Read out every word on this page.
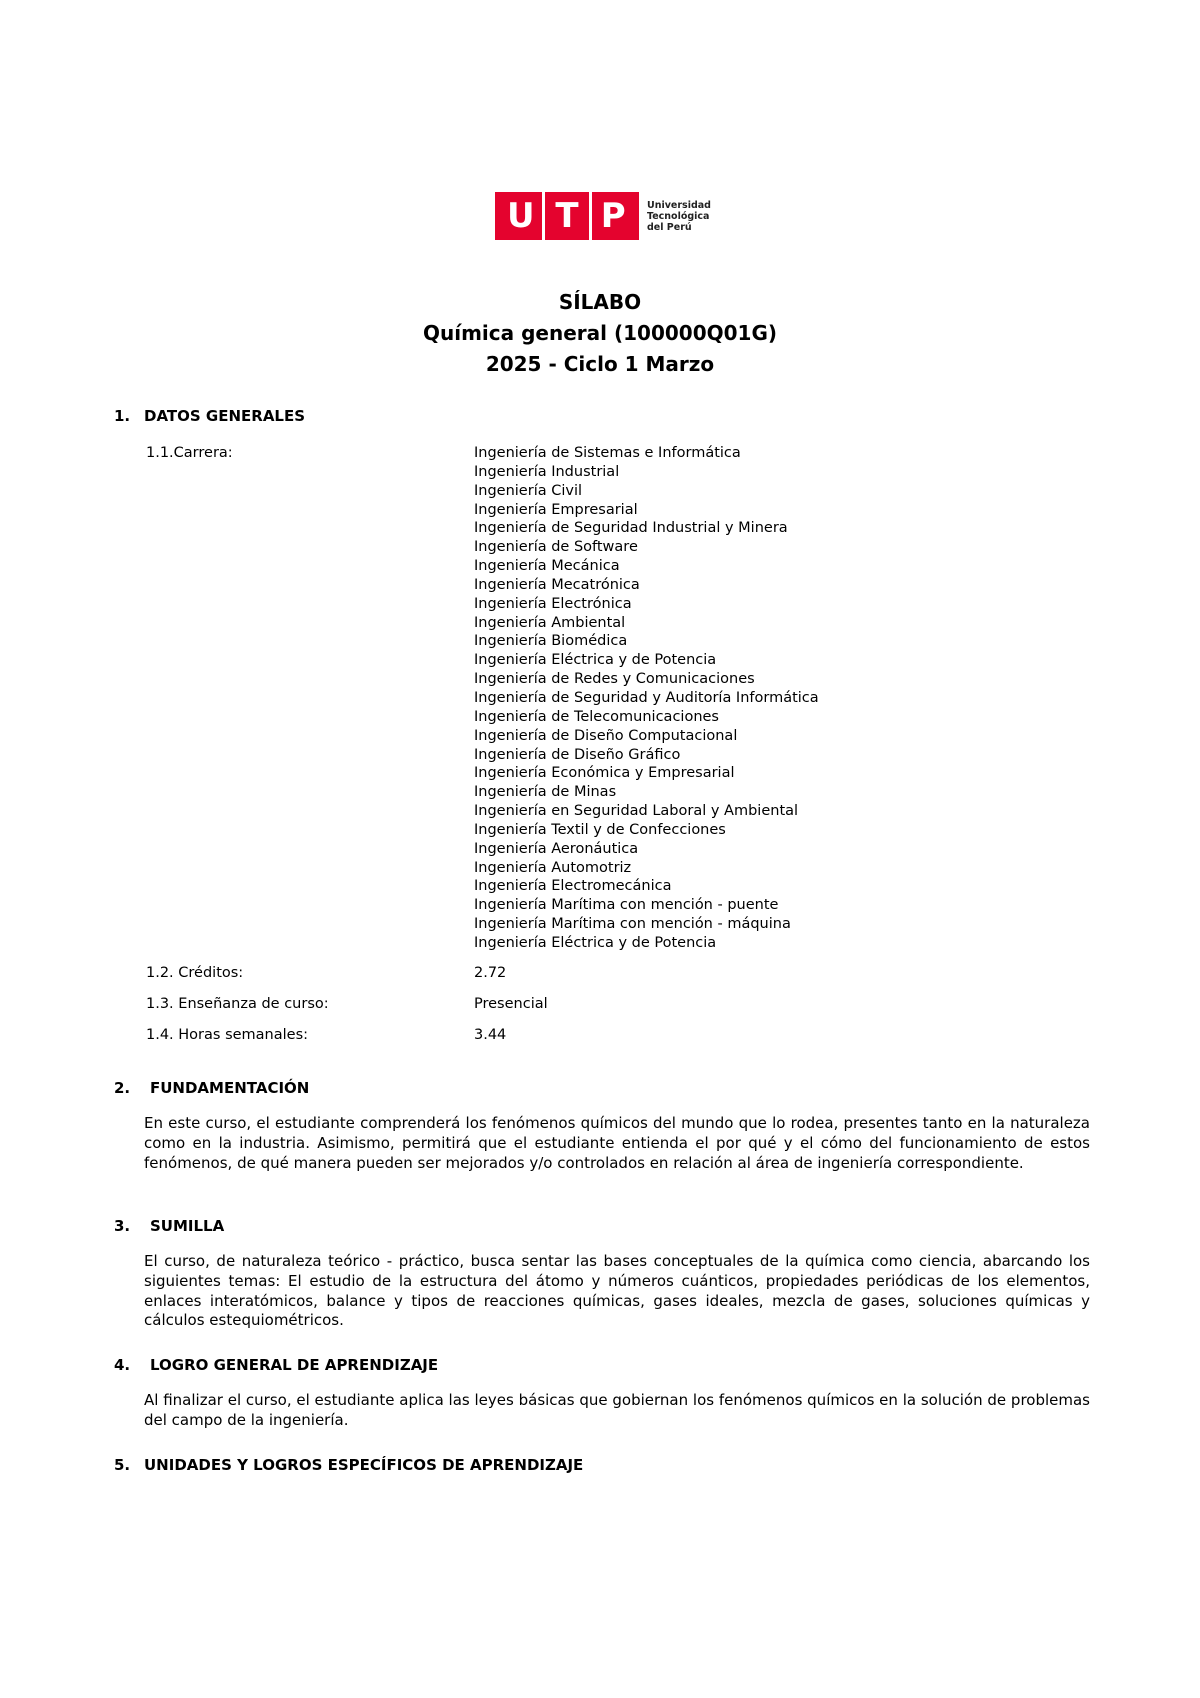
U T P	Universidad
Tecnológica
del Perú
SÍLABO
Química general (100000Q01G)
2025 - Ciclo 1 Marzo
1. DATOS GENERALES
1.1.Carrera:	Ingeniería de Sistemas e Informática
Ingeniería Industrial
Ingeniería Civil
Ingeniería Empresarial
Ingeniería de Seguridad Industrial y Minera
Ingeniería de Software
Ingeniería Mecánica
Ingeniería Mecatrónica
Ingeniería Electrónica
Ingeniería Ambiental
Ingeniería Biomédica
Ingeniería Eléctrica y de Potencia
Ingeniería de Redes y Comunicaciones
Ingeniería de Seguridad y Auditoría Informática
Ingeniería de Telecomunicaciones
Ingeniería de Diseño Computacional
Ingeniería de Diseño Gráfico
Ingeniería Económica y Empresarial
Ingeniería de Minas
Ingeniería en Seguridad Laboral y Ambiental
Ingeniería Textil y de Confecciones
Ingeniería Aeronáutica
Ingeniería Automotriz
Ingeniería Electromecánica
Ingeniería Marítima con mención - puente
Ingeniería Marítima con mención - máquina
Ingeniería Eléctrica y de Potencia
1.2. Créditos:	2.72
1.3. Enseñanza de curso:	Presencial
1.4. Horas semanales:	3.44
2. FUNDAMENTACIÓN
En este curso, el estudiante comprenderá los fenómenos químicos del mundo que lo rodea, presentes tanto en la naturaleza como en la industria. Asimismo, permitirá que el estudiante entienda el por qué y el cómo del funcionamiento de estos fenómenos, de qué manera pueden ser mejorados y/o controlados en relación al área de ingeniería correspondiente.
3. SUMILLA
El curso, de naturaleza teórico - práctico, busca sentar las bases conceptuales de la química como ciencia, abarcando los siguientes temas: El estudio de la estructura del átomo y números cuánticos, propiedades periódicas de los elementos, enlaces interatómicos, balance y tipos de reacciones químicas, gases ideales, mezcla de gases, soluciones químicas y cálculos estequiométricos.
4. LOGRO GENERAL DE APRENDIZAJE
Al finalizar el curso, el estudiante aplica las leyes básicas que gobiernan los fenómenos químicos en la solución de problemas del campo de la ingeniería.
5. UNIDADES Y LOGROS ESPECÍFICOS DE APRENDIZAJE
